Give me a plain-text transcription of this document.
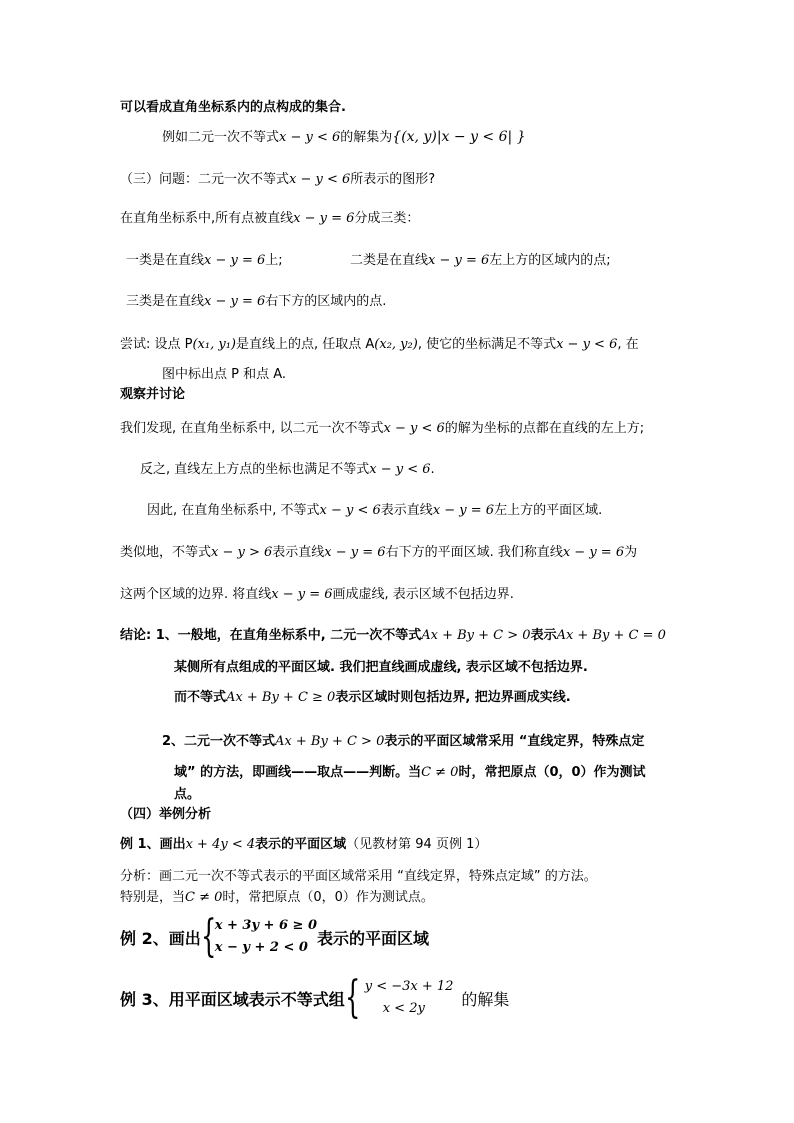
可以看成直角坐标系内的点构成的集合.
例如二元一次不等式x − y < 6的解集为{(x, y)|x − y < 6| }
（三）问题：二元一次不等式x − y < 6所表示的图形?
在直角坐标系中,所有点被直线x − y = 6分成三类：
一类是在直线x − y = 6上;	二类是在直线x − y = 6左上方的区域内的点;
三类是在直线x − y = 6右下方的区域内的点.
尝试: 设点 P(x₁, y₁)是直线上的点, 任取点 A(x₂, y₂), 使它的坐标满足不等式x − y < 6, 在
图中标出点 P 和点 A.
观察并讨论
我们发现, 在直角坐标系中, 以二元一次不等式x − y < 6的解为坐标的点都在直线的左上方;
反之, 直线左上方点的坐标也满足不等式x − y < 6.
因此, 在直角坐标系中, 不等式x − y < 6表示直线x − y = 6左上方的平面区域.
类似地，不等式x − y > 6表示直线x − y = 6右下方的平面区域. 我们称直线x − y = 6为
这两个区域的边界. 将直线x − y = 6画成虚线, 表示区域不包括边界.
结论: 1、一般地，在直角坐标系中, 二元一次不等式Ax + By + C > 0表示Ax + By + C = 0
某侧所有点组成的平面区域. 我们把直线画成虚线, 表示区域不包括边界.
而不等式Ax + By + C ≥ 0表示区域时则包括边界, 把边界画成实线.
2、二元一次不等式Ax + By + C > 0表示的平面区域常采用 “直线定界，特殊点定
域” 的方法，即画线——取点——判断。当C ≠ 0时，常把原点（0，0）作为测试
点。
（四）举例分析
例 1、画出x + 4y < 4表示的平面区域（见教材第 94 页例 1）
分析：画二元一次不等式表示的平面区域常采用 “直线定界，特殊点定域” 的方法。
特别是，当C ≠ 0时，常把原点（0，0）作为测试点。
例 2、画出 {
x + 3y + 6 ≥ 0
x − y + 2 < 0 表示的平面区域
例 3、用平面区域表示不等式组 { y < −3x + 12
x < 2y	的解集
